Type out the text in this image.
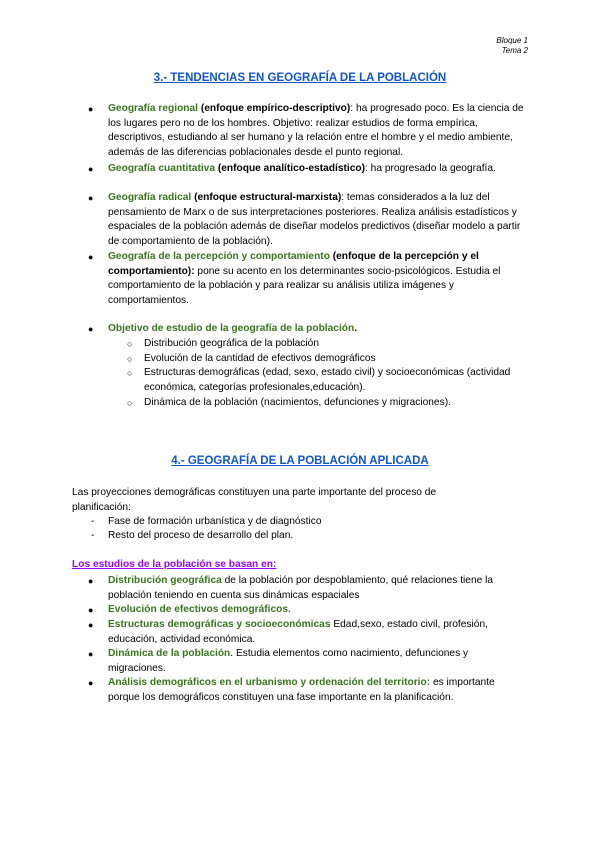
Bloque 1
Tema 2
3.- TENDENCIAS EN GEOGRAFÍA DE LA POBLACIÓN
● Geografía regional (enfoque empírico-descriptivo): ha progresado poco. Es la ciencia de los lugares pero no de los hombres. Objetivo: realizar estudios de forma empírica, descriptivos, estudiando al ser humano y la relación entre el hombre y el medio ambiente, además de las diferencias poblacionales desde el punto regional.
● Geografía cuantitativa (enfoque analítico-estadístico): ha progresado la geografía.
● Geografía radical (enfoque estructural-marxista): temas considerados a la luz del pensamiento de Marx o de sus interpretaciones posteriores. Realiza análisis estadísticos y espaciales de la población además de diseñar modelos predictivos (diseñar modelo a partir de comportamiento de la población).
● Geografía de la percepción y comportamiento (enfoque de la percepción y el comportamiento): pone su acento en los determinantes socio-psicológicos. Estudia el comportamiento de la población y para realizar su análisis utiliza imágenes y comportamientos.
● Objetivo de estudio de la geografía de la población.
○ Distribución geográfica de la población
○ Evolución de la cantidad de efectivos demográficos
○ Estructuras demográficas (edad, sexo, estado civil) y socioeconómicas (actividad económica, categorías profesionales,educación).
○ Dinámica de la población (nacimientos, defunciones y migraciones).
4.- GEOGRAFÍA DE LA POBLACIÓN APLICADA
Las proyecciones demográficas constituyen una parte importante del proceso de planificación:
- Fase de formación urbanística y de diagnóstico
- Resto del proceso de desarrollo del plan.
Los estudios de la población se basan en:
● Distribución geográfica de la población por despoblamiento, qué relaciones tiene la población teniendo en cuenta sus dinámicas espaciales
● Evolución de efectivos demográficos.
● Estructuras demográficas y socioeconómicas Edad,sexo, estado civil, profesión, educación, actividad económica.
● Dinámica de la población. Estudia elementos como nacimiento, defunciones y migraciones.
● Análisis demográficos en el urbanismo y ordenación del territorio: es importante porque los demográficos constituyen una fase importante en la planificación.
